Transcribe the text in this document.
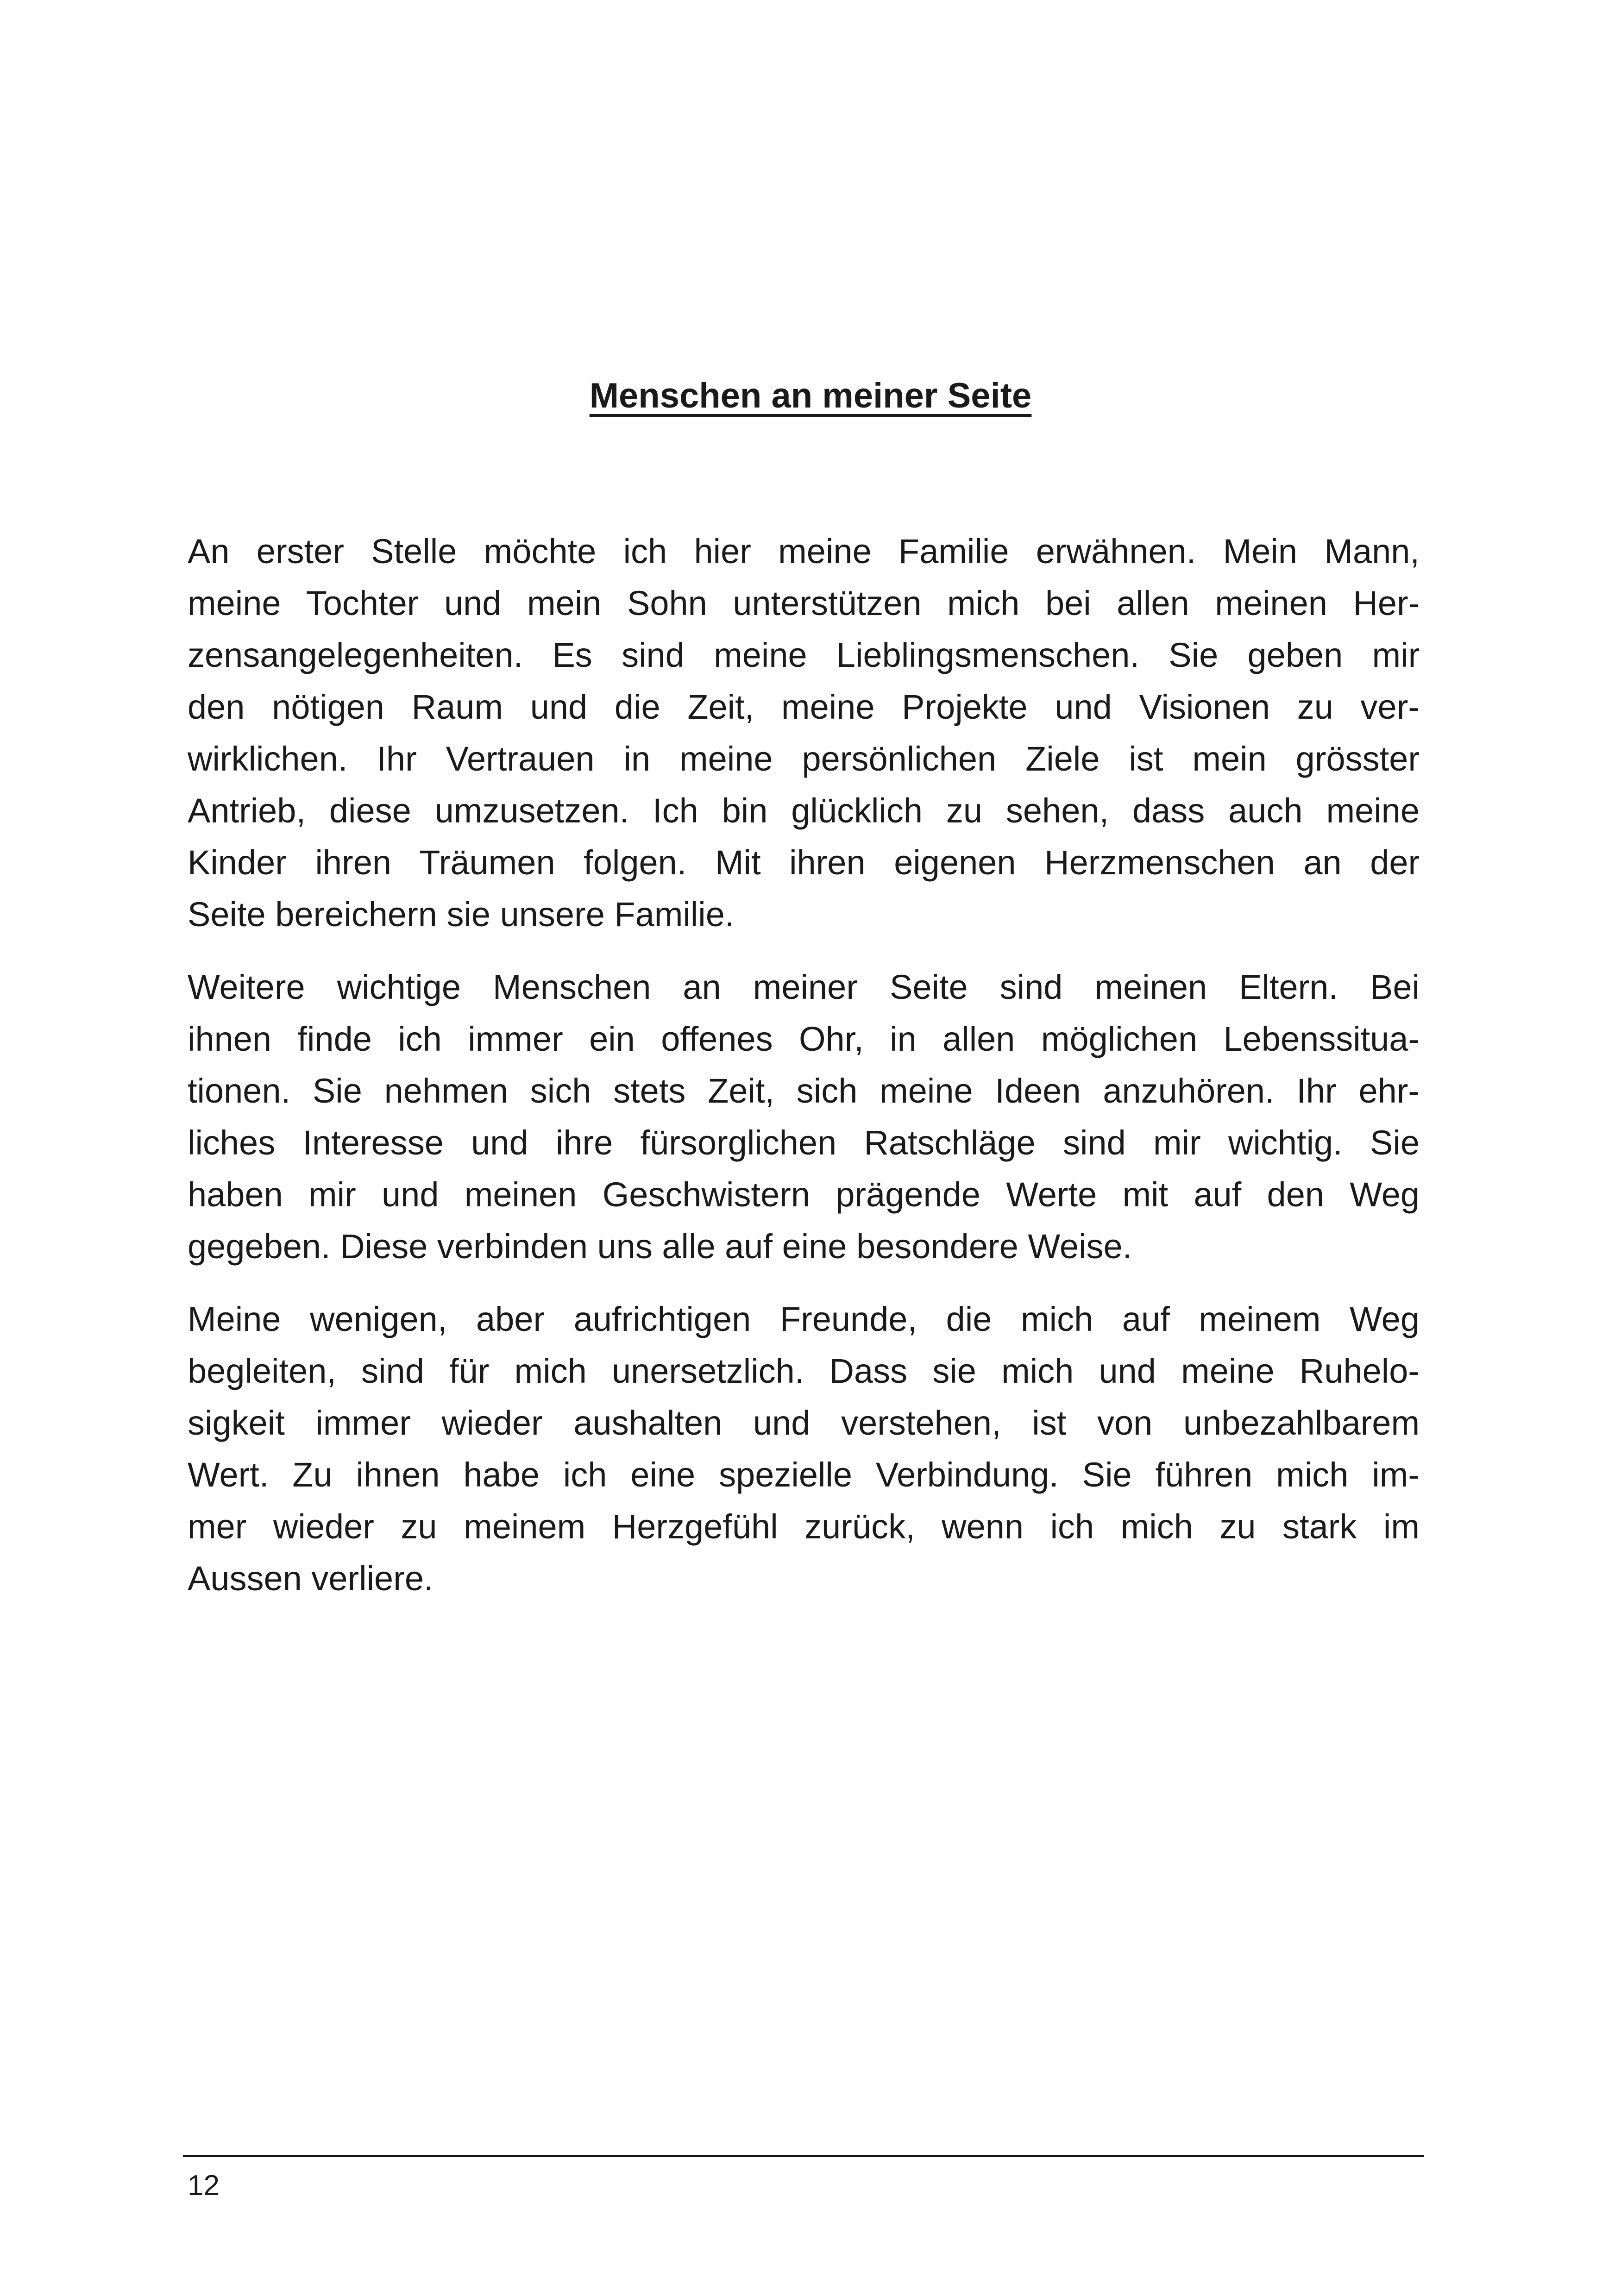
Menschen an meiner Seite
An erster Stelle möchte ich hier meine Familie erwähnen. Mein Mann,
meine Tochter und mein Sohn unterstützen mich bei allen meinen Her-
zensangelegenheiten. Es sind meine Lieblingsmenschen. Sie geben mir
den nötigen Raum und die Zeit, meine Projekte und Visionen zu ver-
wirklichen. Ihr Vertrauen in meine persönlichen Ziele ist mein grösster
Antrieb, diese umzusetzen. Ich bin glücklich zu sehen, dass auch meine
Kinder ihren Träumen folgen. Mit ihren eigenen Herzmenschen an der
Seite bereichern sie unsere Familie.
Weitere wichtige Menschen an meiner Seite sind meinen Eltern. Bei
ihnen finde ich immer ein offenes Ohr, in allen möglichen Lebenssitua-
tionen. Sie nehmen sich stets Zeit, sich meine Ideen anzuhören. Ihr ehr-
liches Interesse und ihre fürsorglichen Ratschläge sind mir wichtig. Sie
haben mir und meinen Geschwistern prägende Werte mit auf den Weg
gegeben. Diese verbinden uns alle auf eine besondere Weise.
Meine wenigen, aber aufrichtigen Freunde, die mich auf meinem Weg
begleiten, sind für mich unersetzlich. Dass sie mich und meine Ruhelo-
sigkeit immer wieder aushalten und verstehen, ist von unbezahlbarem
Wert. Zu ihnen habe ich eine spezielle Verbindung. Sie führen mich im-
mer wieder zu meinem Herzgefühl zurück, wenn ich mich zu stark im
Aussen verliere.
12
